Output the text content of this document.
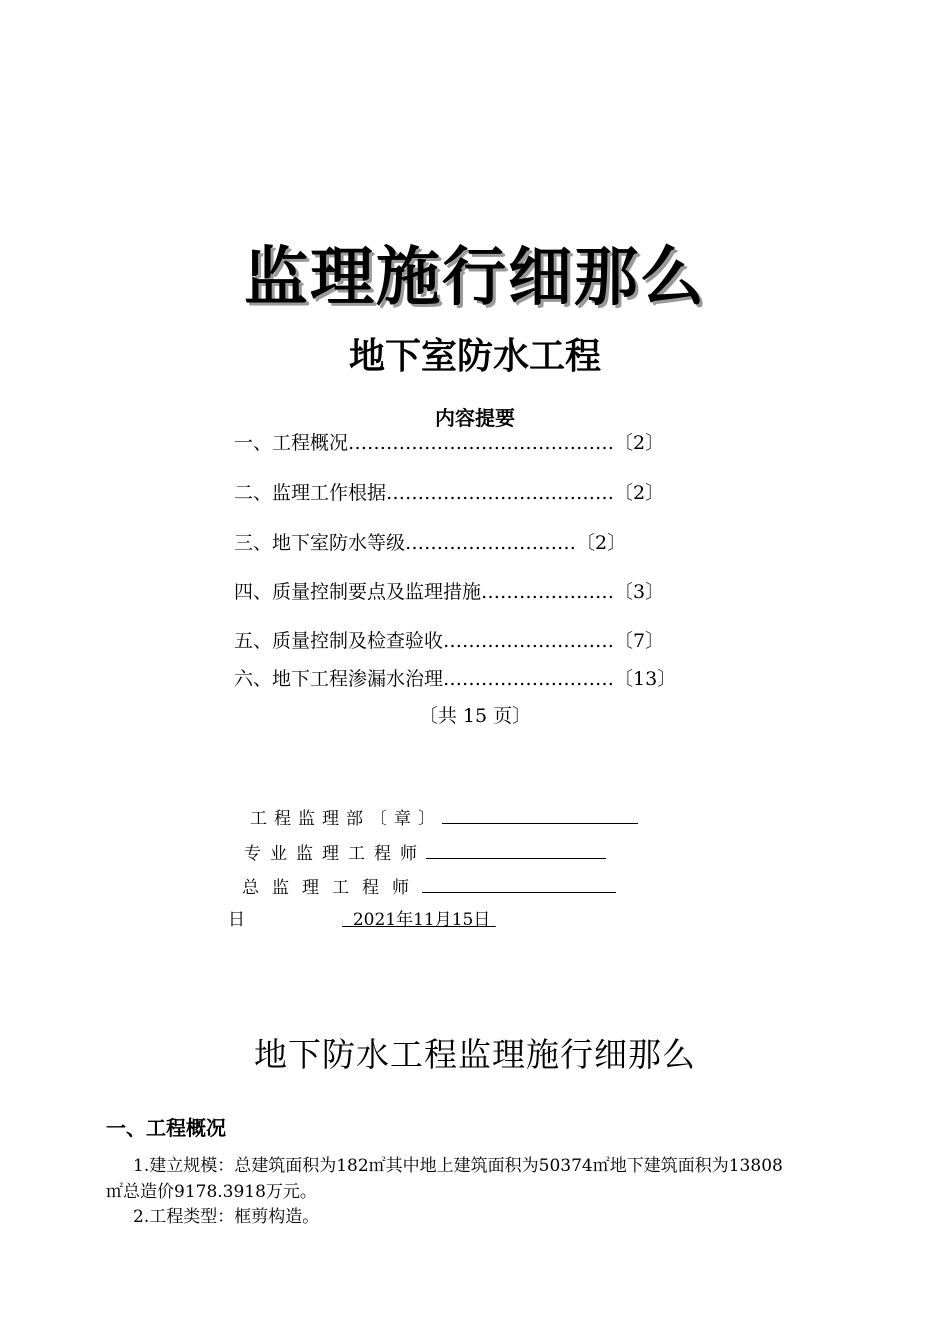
监理施行细那么
地下室防水工程
内容提要
一、工程概况……………………………………〔2〕
二、监理工作根据………………………………〔2〕
三、地下室防水等级………………………〔2〕
四、质量控制要点及监理措施…………………〔3〕
五、质量控制及检查验收………………………〔7〕
六、地下工程渗漏水治理………………………〔13〕
〔共 15 页〕
工程监理部〔章〕
专业监理工程师
总监理工程师
日	2021年11月15日
地下防水工程监理施行细那么
一、工程概况
1.建立规模：总建筑面积为182㎡其中地上建筑面积为50374㎡地下建筑面积为13808
㎡总造价9178.3918万元。
2.工程类型：框剪构造。
